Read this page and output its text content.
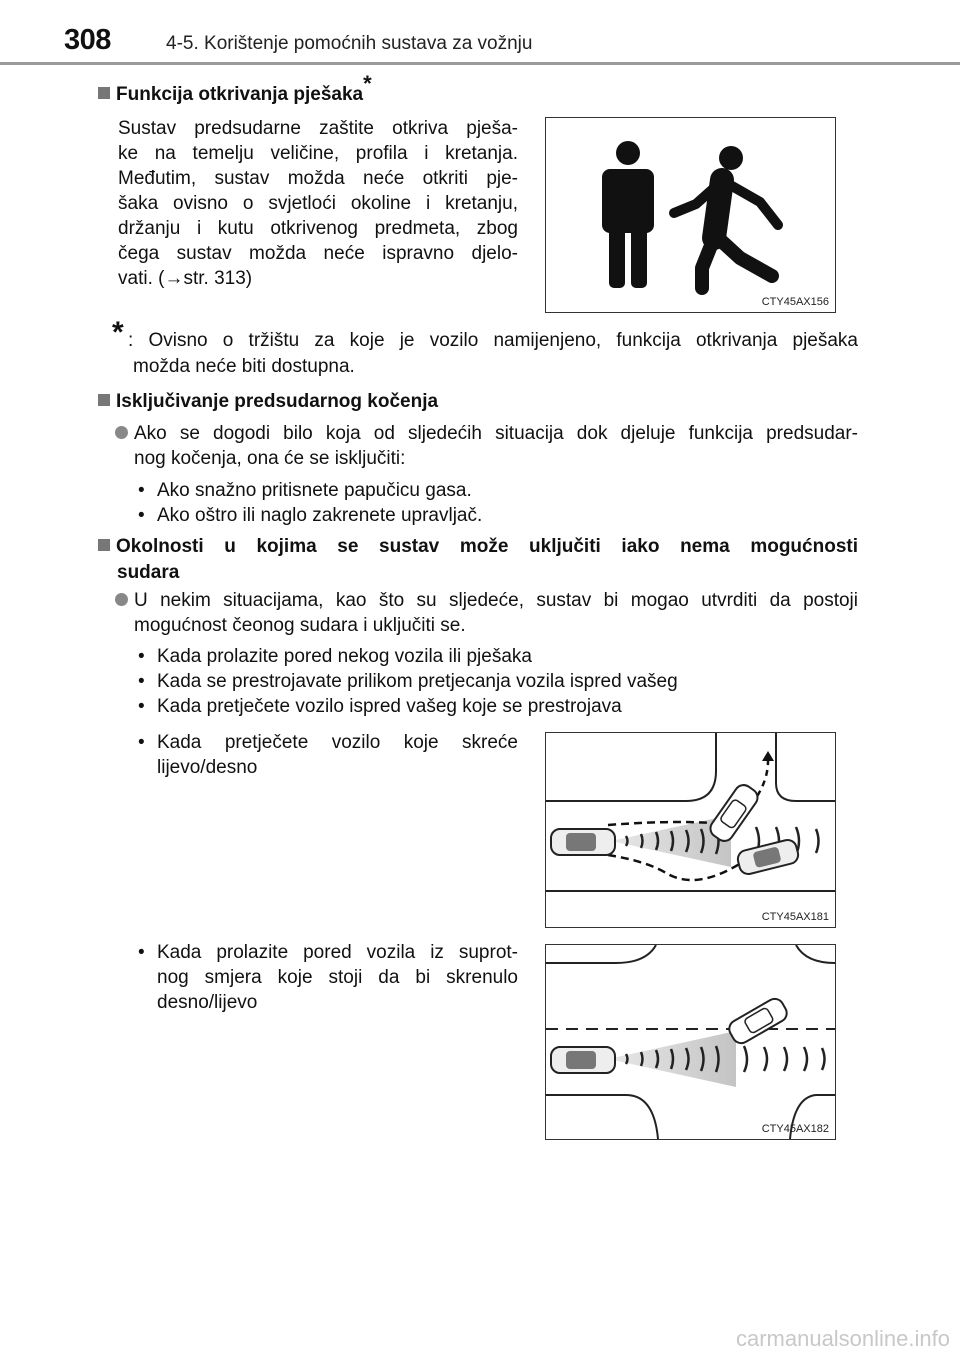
308	4-5. Korištenje pomoćnih sustava za vožnju
Funkcija otkrivanja pješaka*
Sustav predsudarne zaštite otkriva pješa-
ke na temelju veličine, profila i kretanja.
Međutim, sustav možda neće otkriti pje-
šaka ovisno o svjetloći okoline i kretanju,
držanju i kutu otkrivenog predmeta, zbog
čega sustav možda neće ispravno djelo-
vati. (→str. 313)
CTY45AX156
* : Ovisno o tržištu za koje je vozilo namijenjeno, funkcija otkrivanja pješaka
možda neće biti dostupna.
Isključivanje predsudarnog kočenja
Ako se dogodi bilo koja od sljedećih situacija dok djeluje funkcija predsudar-
nog kočenja, ona će se isključiti:
• Ako snažno pritisnete papučicu gasa.
• Ako oštro ili naglo zakrenete upravljač.
Okolnosti u kojima se sustav može uključiti iako nema mogućnosti
sudara
U nekim situacijama, kao što su sljedeće, sustav bi mogao utvrditi da postoji
mogućnost čeonog sudara i uključiti se.
• Kada prolazite pored nekog vozila ili pješaka
• Kada se prestrojavate prilikom pretjecanja vozila ispred vašeg
• Kada pretječete vozilo ispred vašeg koje se prestrojava
• Kada pretječete vozilo koje skreće
lijevo/desno
CTY45AX181
• Kada prolazite pored vozila iz suprot-
nog smjera koje stoji da bi skrenulo
desno/lijevo
CTY45AX182
carmanualsonline.info
